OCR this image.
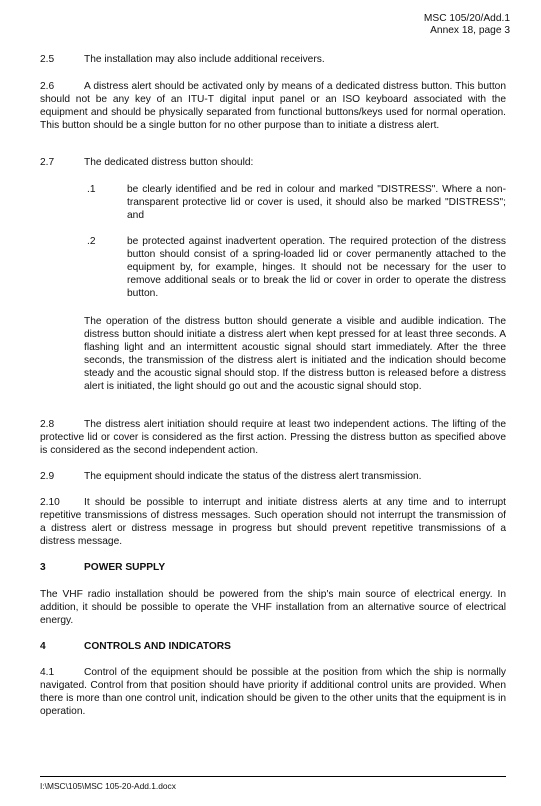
MSC 105/20/Add.1
Annex 18, page 3
2.5	The installation may also include additional receivers.
2.6	A distress alert should be activated only by means of a dedicated distress button. This button should not be any key of an ITU-T digital input panel or an ISO keyboard associated with the equipment and should be physically separated from functional buttons/keys used for normal operation. This button should be a single button for no other purpose than to initiate a distress alert.
2.7	The dedicated distress button should:
.1	be clearly identified and be red in colour and marked "DISTRESS". Where a non-transparent protective lid or cover is used, it should also be marked "DISTRESS"; and
.2	be protected against inadvertent operation. The required protection of the distress button should consist of a spring-loaded lid or cover permanently attached to the equipment by, for example, hinges. It should not be necessary for the user to remove additional seals or to break the lid or cover in order to operate the distress button.
The operation of the distress button should generate a visible and audible indication. The distress button should initiate a distress alert when kept pressed for at least three seconds. A flashing light and an intermittent acoustic signal should start immediately. After the three seconds, the transmission of the distress alert is initiated and the indication should become steady and the acoustic signal should stop. If the distress button is released before a distress alert is initiated, the light should go out and the acoustic signal should stop.
2.8	The distress alert initiation should require at least two independent actions. The lifting of the protective lid or cover is considered as the first action. Pressing the distress button as specified above is considered as the second independent action.
2.9	The equipment should indicate the status of the distress alert transmission.
2.10 It should be possible to interrupt and initiate distress alerts at any time and to interrupt repetitive transmissions of distress messages. Such operation should not interrupt the transmission of a distress alert or distress message in progress but should prevent repetitive transmissions of a distress message.
3	POWER SUPPLY
The VHF radio installation should be powered from the ship's main source of electrical energy. In addition, it should be possible to operate the VHF installation from an alternative source of electrical energy.
4	CONTROLS AND INDICATORS
4.1	Control of the equipment should be possible at the position from which the ship is normally navigated. Control from that position should have priority if additional control units are provided. When there is more than one control unit, indication should be given to the other units that the equipment is in operation.
I:\MSC\105\MSC 105-20-Add.1.docx
